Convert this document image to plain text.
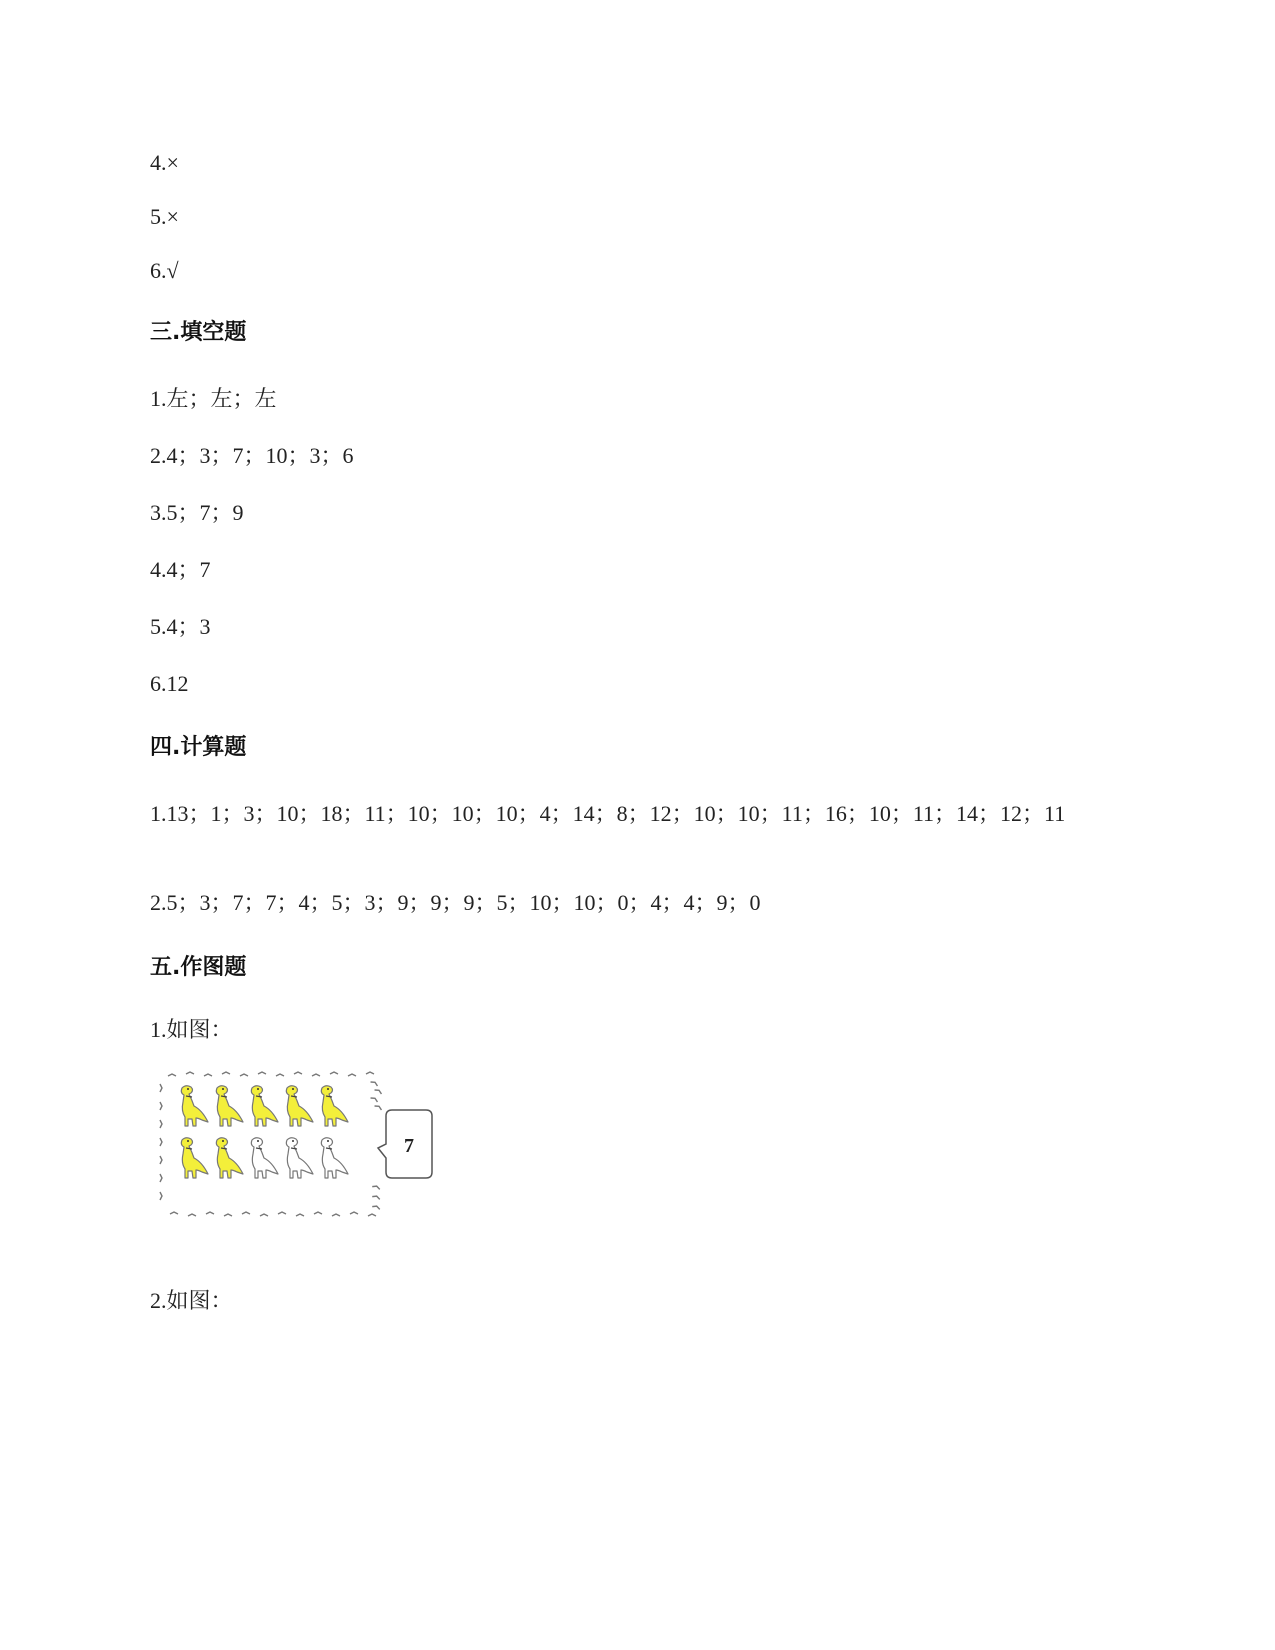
4.×
5.×
6.√
三.填空题
1.左；左；左
2.4；3；7；10；3；6
3.5；7；9
4.4；7
5.4；3
6.12
四.计算题
1.13；1；3；10；18；11；10；10；10；4；14；8；12；10；10；11；16；10；11；14；12；11
2.5；3；7；7；4；5；3；9；9；9；5；10；10；0；4；4；9；0
五.作图题
1.如图：
7
2.如图：
